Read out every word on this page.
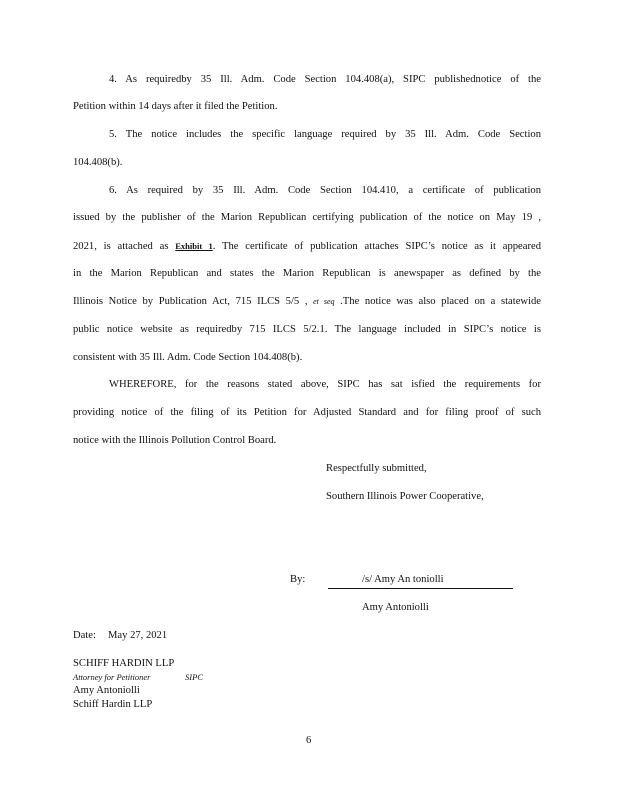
4. As requiredby 35 Ill. Adm. Code Section 104.408(a), SIPC publishednotice of the
Petition within 14 days after it filed the Petition.
5. The notice includes the specific language required by 35 Ill. Adm. Code Section
104.408(b).
6. As required by 35 Ill. Adm. Code Section 104.410, a certificate of publication
issued by the publisher of the Marion Republican certifying publication of the notice on May 19 ,
2021, is attached as Exhibit 1. The certificate of publication attaches SIPC’s notice as it appeared
in the Marion Republican and states the Marion Republican is anewspaper as defined by the
Illinois Notice by Publication Act, 715 ILCS 5/5 , et seq .The notice was also placed on a statewide
public notice website as requiredby 715 ILCS 5/2.1. The language included in SIPC’s notice is
consistent with 35 Ill. Adm. Code Section 104.408(b).
WHEREFORE, for the reasons stated above, SIPC has sat isfied the requirements for
providing notice of the filing of its Petition for Adjusted Standard and for filing proof of such
notice with the Illinois Pollution Control Board.
Respectfully submitted,
Southern Illinois Power Cooperative,
By:	/s/ Amy An toniolli
Amy Antoniolli
Date: May 27, 2021
SCHIFF HARDIN LLP
Attorney for Petitioner	SIPC
Amy Antoniolli
Schiff Hardin LLP
6
